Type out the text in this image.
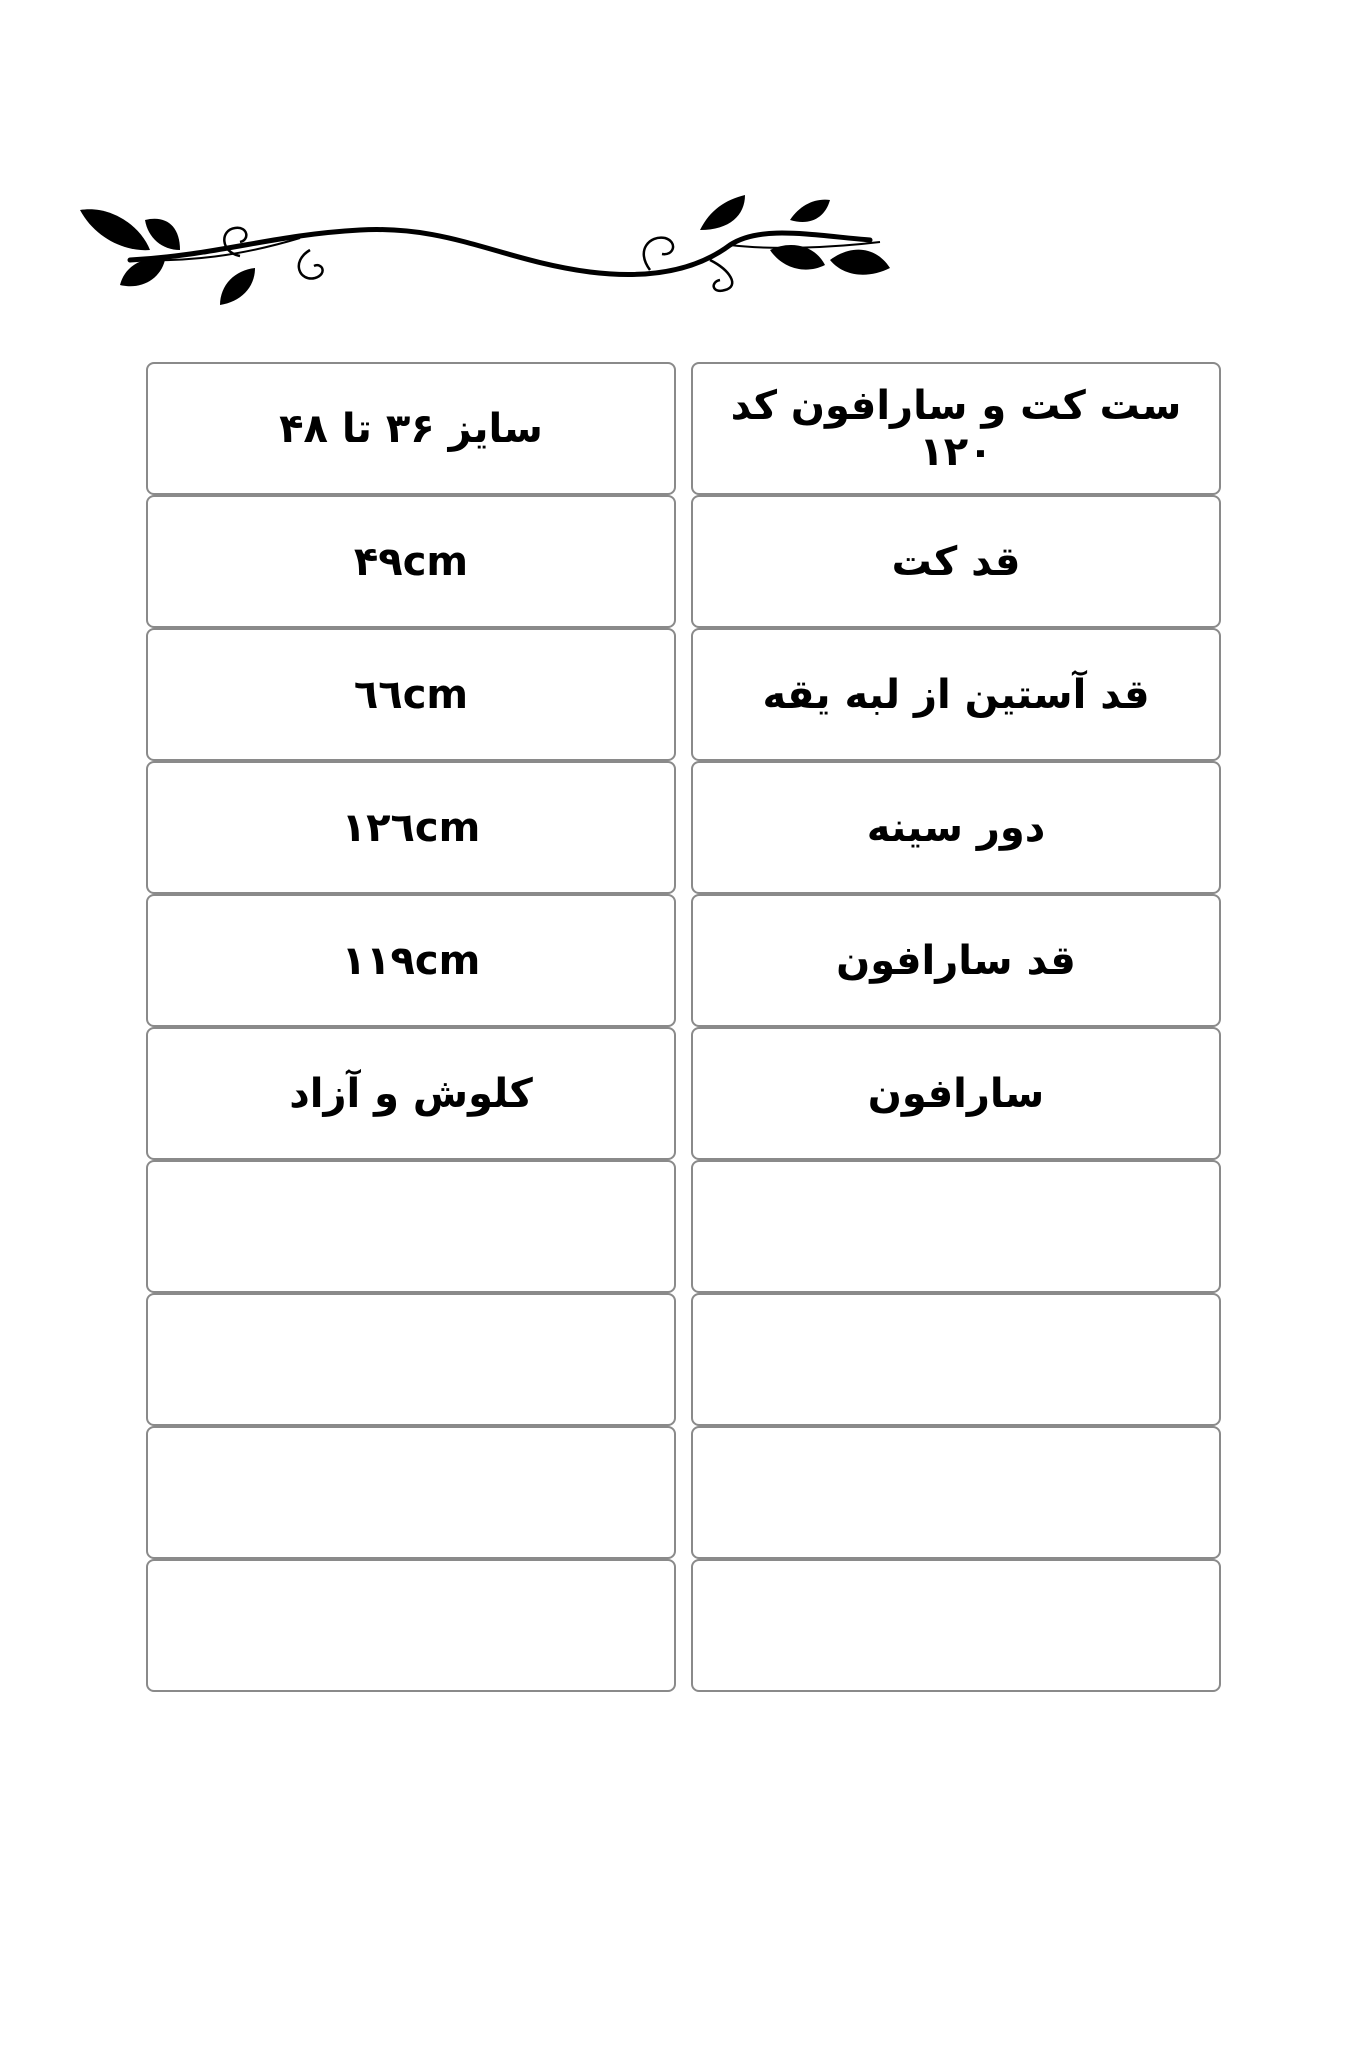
سایز ۳۶ تا ۴۸	ست کت و سارافون کد ۱۲۰
۴۹cm	قد کت
٦٦cm	قد آستین از لبه یقه
۱۲٦cm	دور سینه
۱۱۹cm	قد سارافون
کلوش و آزاد	سارافون
